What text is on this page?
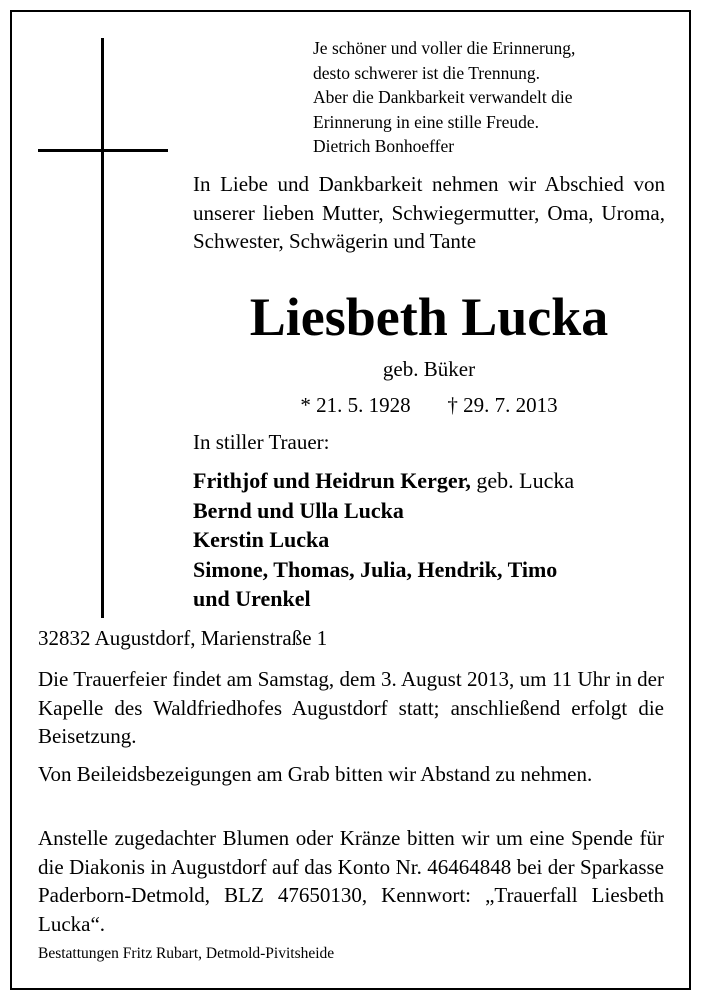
Je schöner und voller die Erinnerung,
desto schwerer ist die Trennung.
Aber die Dankbarkeit verwandelt die
Erinnerung in eine stille Freude.
Dietrich Bonhoeffer
In Liebe und Dankbarkeit nehmen wir Abschied von unserer lieben Mutter, Schwiegermutter, Oma, Uroma, Schwester, Schwägerin und Tante
Liesbeth Lucka
geb. Büker
* 21. 5. 1928 † 29. 7. 2013
In stiller Trauer:
Frithjof und Heidrun Kerger, geb. Lucka
Bernd und Ulla Lucka
Kerstin Lucka
Simone, Thomas, Julia, Hendrik, Timo
und Urenkel
32832 Augustdorf, Marienstraße 1
Die Trauerfeier findet am Samstag, dem 3. August 2013, um 11 Uhr in der Kapelle des Waldfriedhofes Augustdorf statt; anschließend erfolgt die Beisetzung.
Von Beileidsbezeigungen am Grab bitten wir Abstand zu nehmen.
Anstelle zugedachter Blumen oder Kränze bitten wir um eine Spende für die Diakonis in Augustdorf auf das Konto Nr. 46464848 bei der Sparkasse Paderborn-Detmold, BLZ 47650130, Kennwort: „Trauerfall Liesbeth Lucka“.
Bestattungen Fritz Rubart, Detmold-Pivitsheide
